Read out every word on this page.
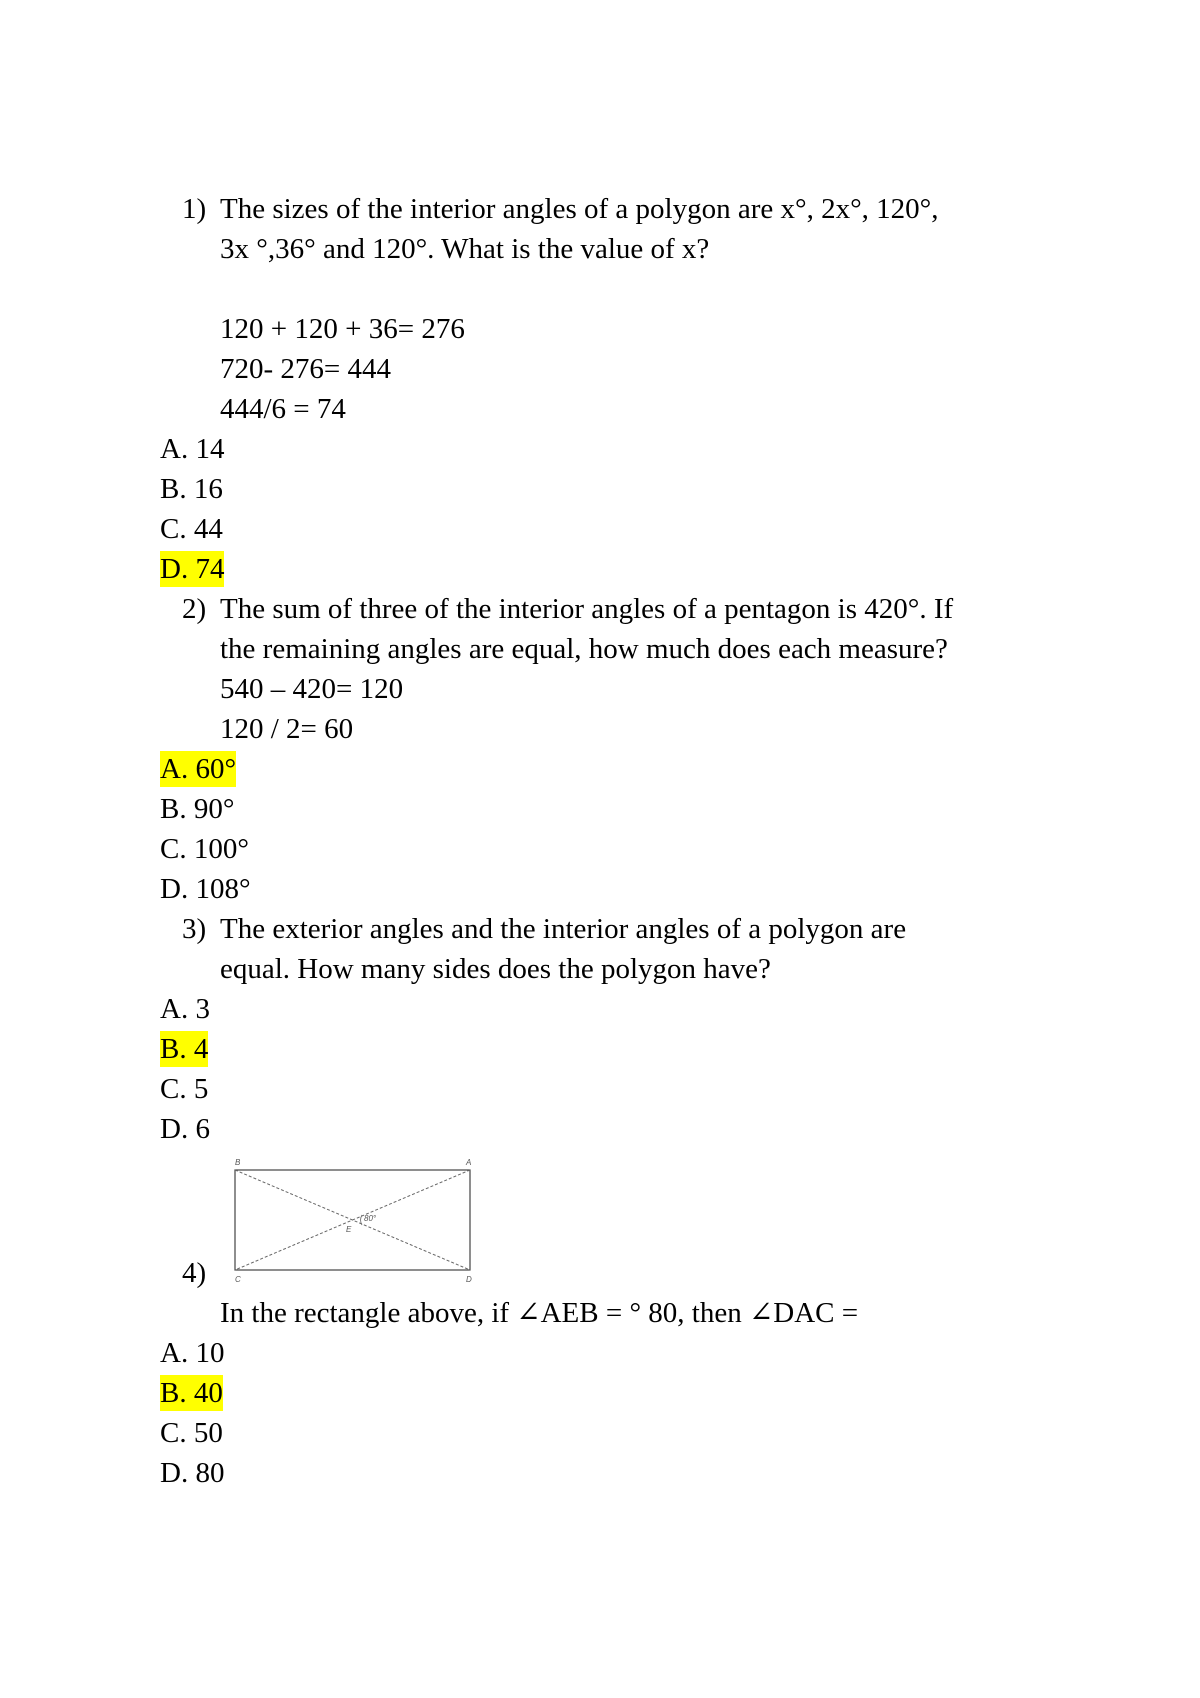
1) The sizes of the interior angles of a polygon are x°, 2x°, 120°,
3x °,36° and 120°. What is the value of x?
120 + 120 + 36= 276
720- 276= 444
444/6 = 74
A. 14
B. 16
C. 44
D. 74
2) The sum of three of the interior angles of a pentagon is 420°. If
the remaining angles are equal, how much does each measure?
540 – 420= 120
120 / 2= 60
A. 60°
B. 90°
C. 100°
D. 108°
3) The exterior angles and the interior angles of a polygon are
equal. How many sides does the polygon have?
A. 3
B. 4
C. 5
D. 6
B	A
C	D
E
80°
4)
In the rectangle above, if ∠AEB = ° 80, then ∠DAC =
A. 10
B. 40
C. 50
D. 80
